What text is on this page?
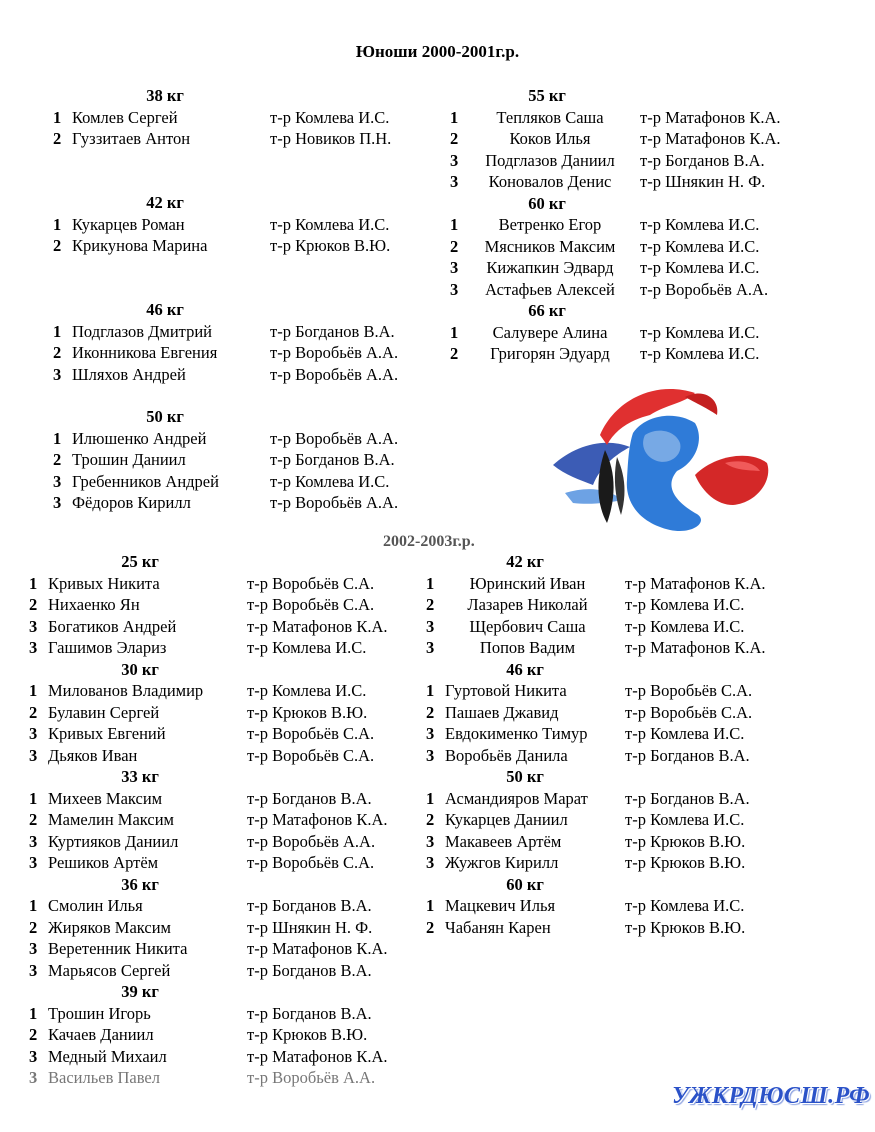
Юноши 2000-2001г.р.
2002-2003г.р.
38 кг
1 Комлев Сергей	т-р Комлева И.С.
2 Гуззитаев Антон	т-р Новиков П.Н.
42 кг
1 Кукарцев Роман	т-р Комлева И.С.
2 Крикунова Марина	т-р Крюков В.Ю.
46 кг
1 Подглазов Дмитрий	т-р Богданов В.А.
2 Иконникова Евгения	т-р Воробьёв А.А.
3 Шляхов Андрей	т-р Воробьёв А.А.
50 кг
1 Илюшенко Андрей	т-р Воробьёв А.А.
2 Трошин Даниил	т-р Богданов В.А.
3 Гребенников Андрей	т-р Комлева И.С.
3 Фёдоров Кирилл	т-р Воробьёв А.А.
55 кг
1	Тепляков Саша	т-р Матафонов К.А.
2	Коков Илья	т-р Матафонов К.А.
3	Подглазов Даниил	т-р Богданов В.А.
3	Коновалов Денис	т-р Шнякин Н. Ф.
60 кг
1	Ветренко Егор	т-р Комлева И.С.
2	Мясников Максим	т-р Комлева И.С.
3	Кижапкин Эдвард	т-р Комлева И.С.
3	Астафьев Алексей	т-р Воробьёв А.А.
66 кг
1	Салувере Алина	т-р Комлева И.С.
2	Григорян Эдуард	т-р Комлева И.С.
25 кг
1 Кривых Никита	т-р Воробьёв С.А.
2 Нихаенко Ян	т-р Воробьёв С.А.
3 Богатиков Андрей	т-р Матафонов К.А.
3 Гашимов Элариз	т-р Комлева И.С.
30 кг
1 Милованов Владимир	т-р Комлева И.С.
2 Булавин Сергей	т-р Крюков В.Ю.
3 Кривых Евгений	т-р Воробьёв С.А.
3 Дьяков Иван	т-р Воробьёв С.А.
33 кг
1 Михеев Максим	т-р Богданов В.А.
2 Мамелин Максим	т-р Матафонов К.А.
3 Куртияков Даниил	т-р Воробьёв А.А.
3 Решиков Артём	т-р Воробьёв С.А.
36 кг
1 Смолин Илья	т-р Богданов В.А.
2 Жиряков Максим	т-р Шнякин Н. Ф.
3 Веретенник Никита	т-р Матафонов К.А.
3 Марьясов Сергей	т-р Богданов В.А.
39 кг
1 Трошин Игорь	т-р Богданов В.А.
2 Качаев Даниил	т-р Крюков В.Ю.
3 Медный Михаил	т-р Матафонов К.А.
3 Васильев Павел	т-р Воробьёв А.А.
42 кг
1	Юринский Иван	т-р Матафонов К.А.
2	Лазарев Николай	т-р Комлева И.С.
3	Щербович Саша	т-р Комлева И.С.
3	Попов Вадим	т-р Матафонов К.А.
46 кг
1 Гуртовой Никита	т-р Воробьёв С.А.
2 Пашаев Джавид	т-р Воробьёв С.А.
3 Евдокименко Тимур т-р Комлева И.С.
3 Воробьёв Данила	т-р Богданов В.А.
50 кг
1 Асмандияров Марат т-р Богданов В.А.
2 Кукарцев Даниил	т-р Комлева И.С.
3 Макавеев Артём	т-р Крюков В.Ю.
3 Жужгов Кирилл	т-р Крюков В.Ю.
60 кг
1 Мацкевич Илья	т-р Комлева И.С.
2 Чабанян Карен	т-р Крюков В.Ю.
УЖКРДЮСШ.РФ
